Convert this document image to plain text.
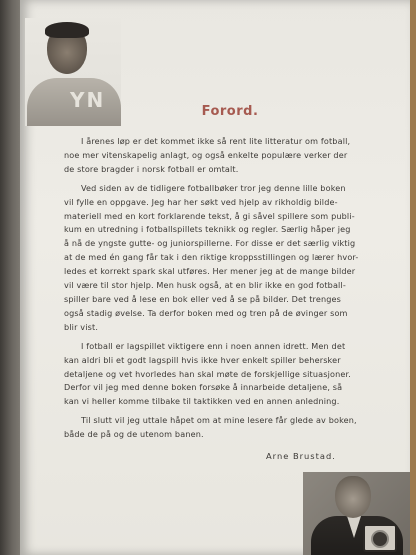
YN	Forord.
I årenes løp er det kommet ikke så rent lite litteratur om fotball,
noe mer vitenskapelig anlagt, og også enkelte populære verker der
de store bragder i norsk fotball er omtalt.
Ved siden av de tidligere fotballbøker tror jeg denne lille boken
vil fylle en oppgave. Jeg har her søkt ved hjelp av rikholdig bilde-
materiell med en kort forklarende tekst, å gi såvel spillere som publi-
kum en utredning i fotballspillets teknikk og regler. Særlig håper jeg
å nå de yngste gutte- og juniorspillerne. For disse er det særlig viktig
at de med én gang får tak i den riktige kroppsstillingen og lærer hvor-
ledes et korrekt spark skal utføres. Her mener jeg at de mange bilder
vil være til stor hjelp. Men husk også, at en blir ikke en god fotball-
spiller bare ved å lese en bok eller ved å se på bilder. Det trenges
også stadig øvelse. Ta derfor boken med og tren på de øvinger som
blir vist.
I fotball er lagspillet viktigere enn i noen annen idrett. Men det
kan aldri bli et godt lagspill hvis ikke hver enkelt spiller behersker
detaljene og vet hvorledes han skal møte de forskjellige situasjoner.
Derfor vil jeg med denne boken forsøke å innarbeide detaljene, så
kan vi heller komme tilbake til taktikken ved en annen anledning.
Til slutt vil jeg uttale håpet om at mine lesere får glede av boken,
både de på og de utenom banen.
Arne Brustad.
